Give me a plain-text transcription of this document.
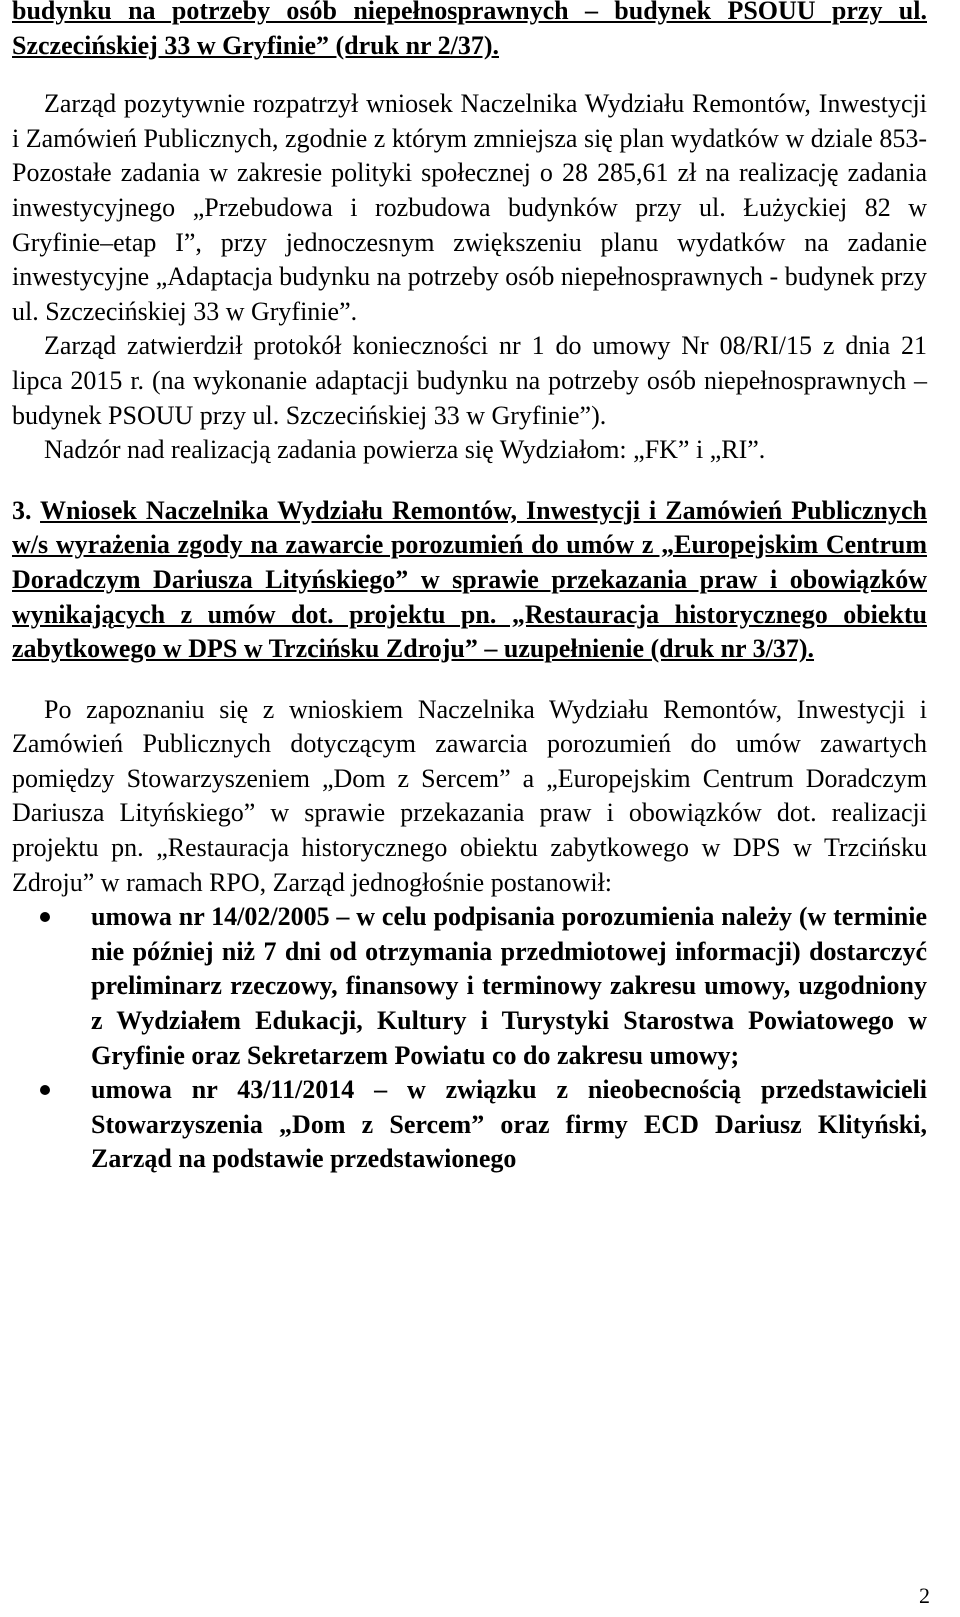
budynku na potrzeby osób niepełnosprawnych – budynek PSOUU przy ul. Szczecińskiej 33 w Gryfinie” (druk nr 2/37).

Zarząd pozytywnie rozpatrzył wniosek Naczelnika Wydziału Remontów, Inwestycji i Zamówień Publicznych, zgodnie z którym zmniejsza się plan wydatków w dziale 853-Pozostałe zadania w zakresie polityki społecznej o 28 285,61 zł na realizację zadania inwestycyjnego „Przebudowa i rozbudowa budynków przy ul. Łużyckiej 82 w Gryfinie–etap I”, przy jednoczesnym zwiększeniu planu wydatków na zadanie inwestycyjne „Adaptacja budynku na potrzeby osób niepełnosprawnych - budynek przy ul. Szczecińskiej 33 w Gryfinie”.

Zarząd zatwierdził protokół konieczności nr 1 do umowy Nr 08/RI/15 z dnia 21 lipca 2015 r. (na wykonanie adaptacji budynku na potrzeby osób niepełnosprawnych – budynek PSOUU przy ul. Szczecińskiej 33 w Gryfinie”).

Nadzór nad realizacją zadania powierza się Wydziałom: „FK” i „RI”.

3. Wniosek Naczelnika Wydziału Remontów, Inwestycji i Zamówień Publicznych w/s wyrażenia zgody na zawarcie porozumień do umów z „Europejskim Centrum Doradczym Dariusza Lityńskiego” w sprawie przekazania praw i obowiązków wynikających z umów dot. projektu pn. „Restauracja historycznego obiektu zabytkowego w DPS w Trzcińsku Zdroju” – uzupełnienie (druk nr 3/37).

Po zapoznaniu się z wnioskiem Naczelnika Wydziału Remontów, Inwestycji i Zamówień Publicznych dotyczącym zawarcia porozumień do umów zawartych pomiędzy Stowarzyszeniem „Dom z Sercem” a „Europejskim Centrum Doradczym Dariusza Lityńskiego” w sprawie przekazania praw i obowiązków dot. realizacji projektu pn. „Restauracja historycznego obiektu zabytkowego w DPS w Trzcińsku Zdroju” w ramach RPO, Zarząd jednogłośnie postanowił:

umowa nr 14/02/2005 – w celu podpisania porozumienia należy (w terminie nie później niż 7 dni od otrzymania przedmiotowej informacji) dostarczyć preliminarz rzeczowy, finansowy i terminowy zakresu umowy, uzgodniony z Wydziałem Edukacji, Kultury i Turystyki Starostwa Powiatowego w Gryfinie oraz Sekretarzem Powiatu co do zakresu umowy;
umowa nr 43/11/2014 – w związku z nieobecnością przedstawicieli Stowarzyszenia „Dom z Sercem” oraz firmy ECD Dariusz Klityński, Zarząd na podstawie przedstawionego
2
